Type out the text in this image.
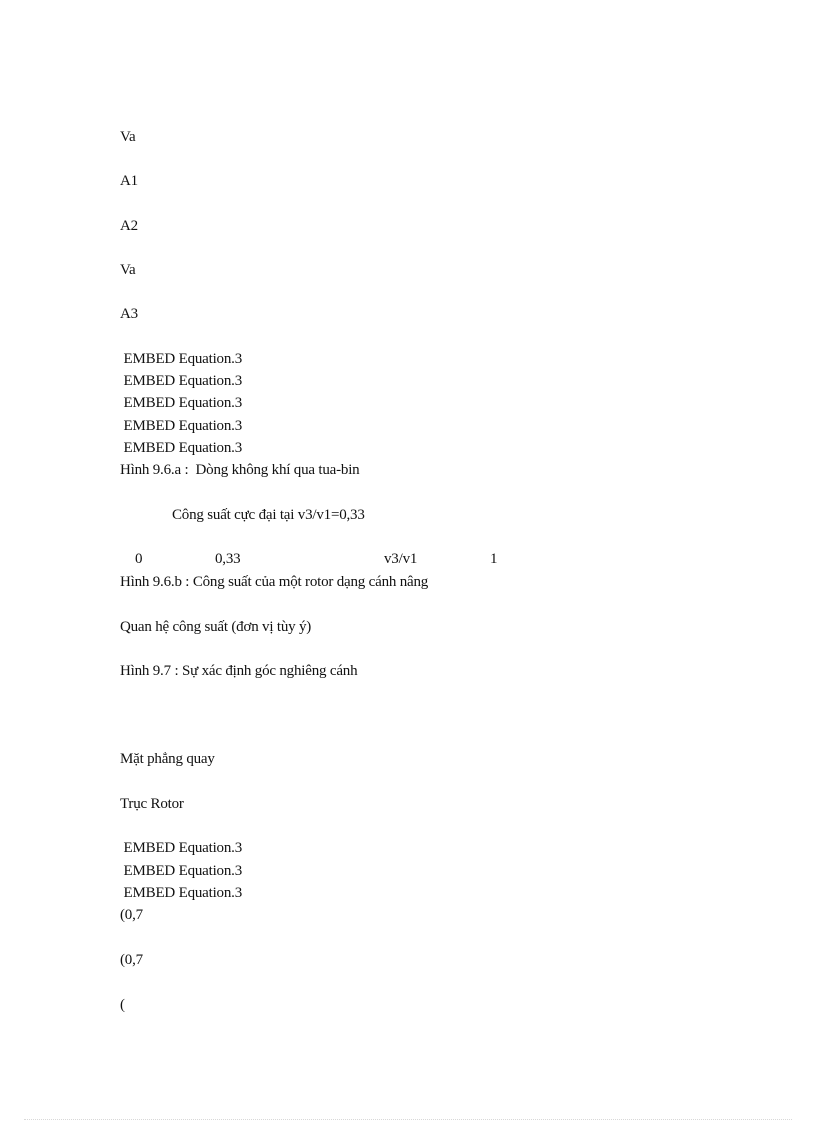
Va
A1
A2
Va
A3
EMBED Equation.3
EMBED Equation.3
EMBED Equation.3
EMBED Equation.3
EMBED Equation.3
Hình 9.6.a :  Dòng không khí qua tua-bin
Công suất cực đại tại v3/v1=0,33
0	0,33	v3/v1	1
Hình 9.6.b : Công suất của một rotor dạng cánh nâng
Quan hệ công suất (đơn vị tùy ý)
Hình 9.7 : Sự xác định góc nghiêng cánh
Mặt phẳng quay
Trục Rotor
EMBED Equation.3
EMBED Equation.3
EMBED Equation.3
(0,7
(0,7
(
